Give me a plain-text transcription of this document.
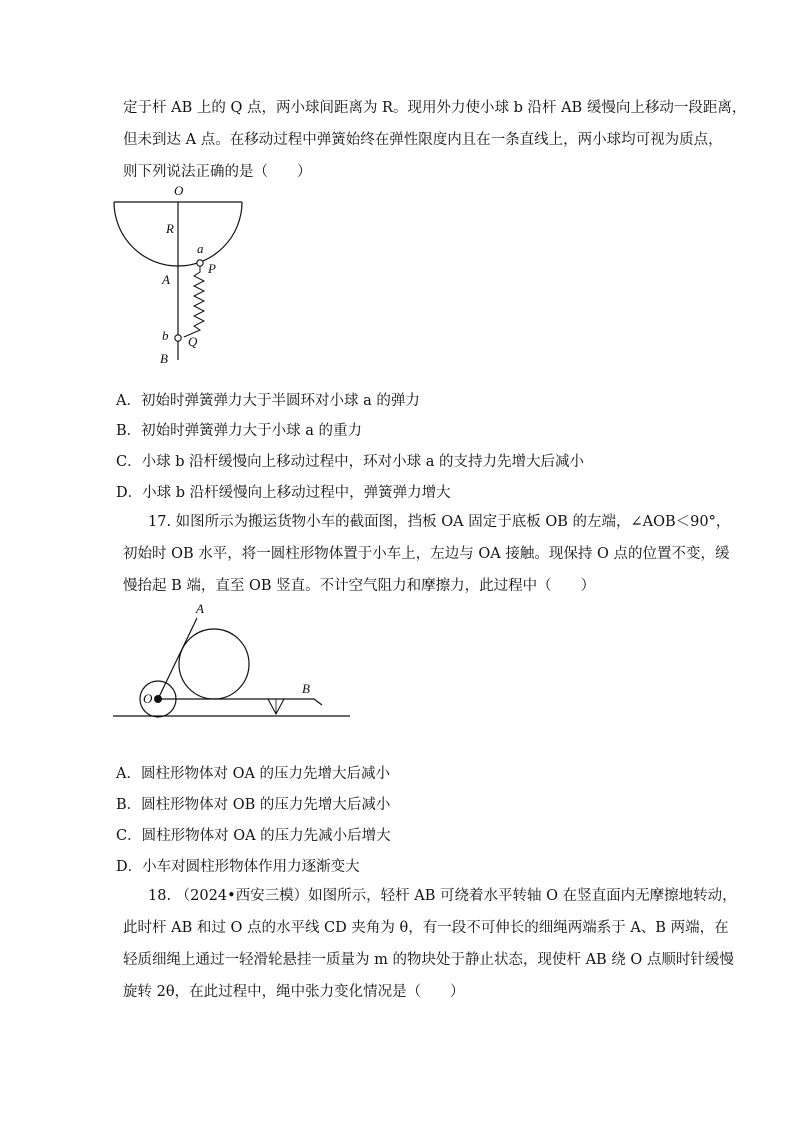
定于杆 AB 上的 Q 点，两小球间距离为 R。现用外力使小球 b 沿杆 AB 缓慢向上移动一段距离，
但未到达 A 点。在移动过程中弹簧始终在弹性限度内且在一条直线上，两小球均可视为质点，
则下列说法正确的是（　　）
O
R
a
P
A
b Q
B
A．初始时弹簧弹力大于半圆环对小球 a 的弹力
B．初始时弹簧弹力大于小球 a 的重力
C．小球 b 沿杆缓慢向上移动过程中，环对小球 a 的支持力先增大后减小
D．小球 b 沿杆缓慢向上移动过程中，弹簧弹力增大
17. 如图所示为搬运货物小车的截面图，挡板 OA 固定于底板 OB 的左端，∠AOB＜90°，
初始时 OB 水平，将一圆柱形物体置于小车上，左边与 OA 接触。现保持 O 点的位置不变，缓
慢抬起 B 端，直至 OB 竖直。不计空气阻力和摩擦力，此过程中（　　）
A
O
B
A．圆柱形物体对 OA 的压力先增大后减小
B．圆柱形物体对 OB 的压力先增大后减小
C．圆柱形物体对 OA 的压力先减小后增大
D．小车对圆柱形物体作用力逐渐变大
18. （2024•西安三模）如图所示，轻杆 AB 可绕着水平转轴 O 在竖直面内无摩擦地转动，
此时杆 AB 和过 O 点的水平线 CD 夹角为 θ，有一段不可伸长的细绳两端系于 A、B 两端，在
轻质细绳上通过一轻滑轮悬挂一质量为 m 的物块处于静止状态，现使杆 AB 绕 O 点顺时针缓慢
旋转 2θ，在此过程中，绳中张力变化情况是（　　）
